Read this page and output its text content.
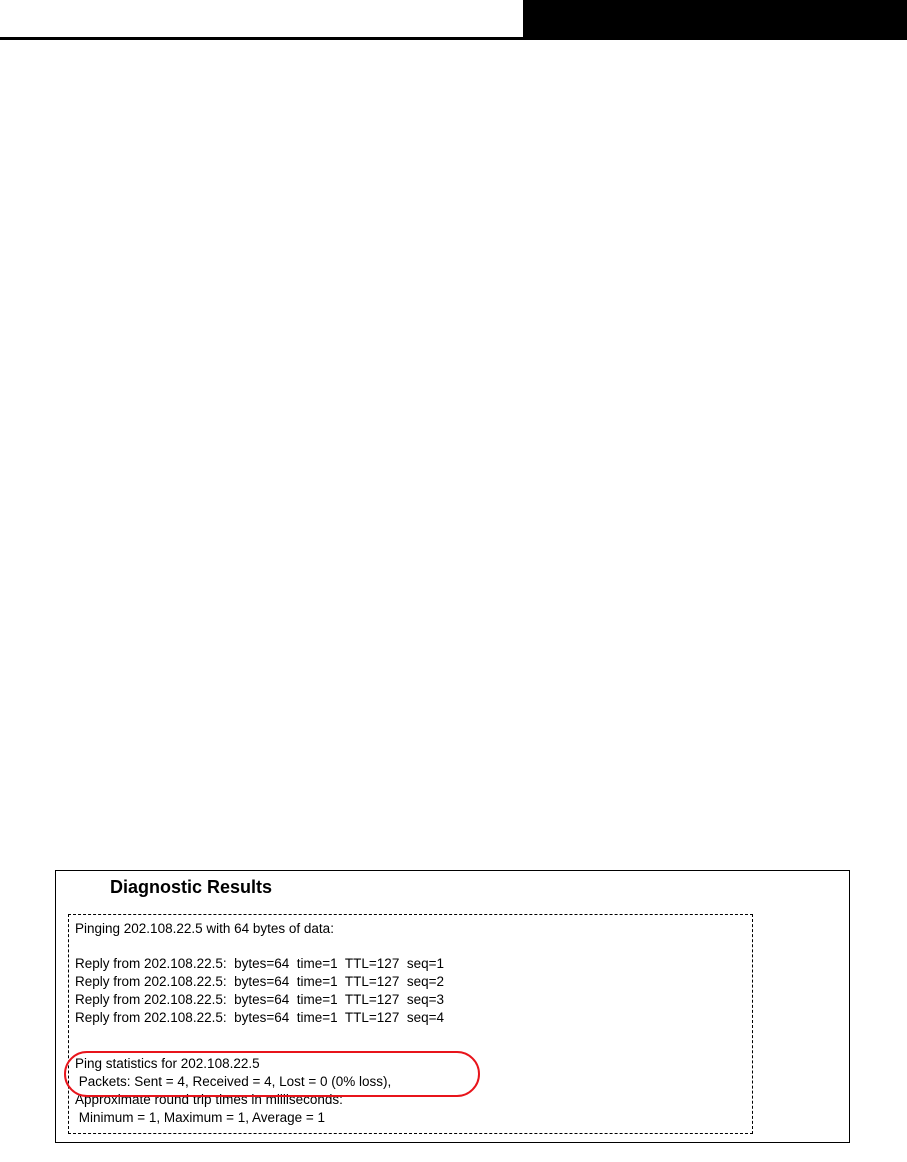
Diagnostic Results
Pinging 202.108.22.5 with 64 bytes of data:
Reply from 202.108.22.5:  bytes=64  time=1  TTL=127  seq=1
Reply from 202.108.22.5:  bytes=64  time=1  TTL=127  seq=2
Reply from 202.108.22.5:  bytes=64  time=1  TTL=127  seq=3
Reply from 202.108.22.5:  bytes=64  time=1  TTL=127  seq=4
Ping statistics for 202.108.22.5
Packets: Sent = 4, Received = 4, Lost = 0 (0% loss),
Approximate round trip times in milliseconds:
Minimum = 1, Maximum = 1, Average = 1
